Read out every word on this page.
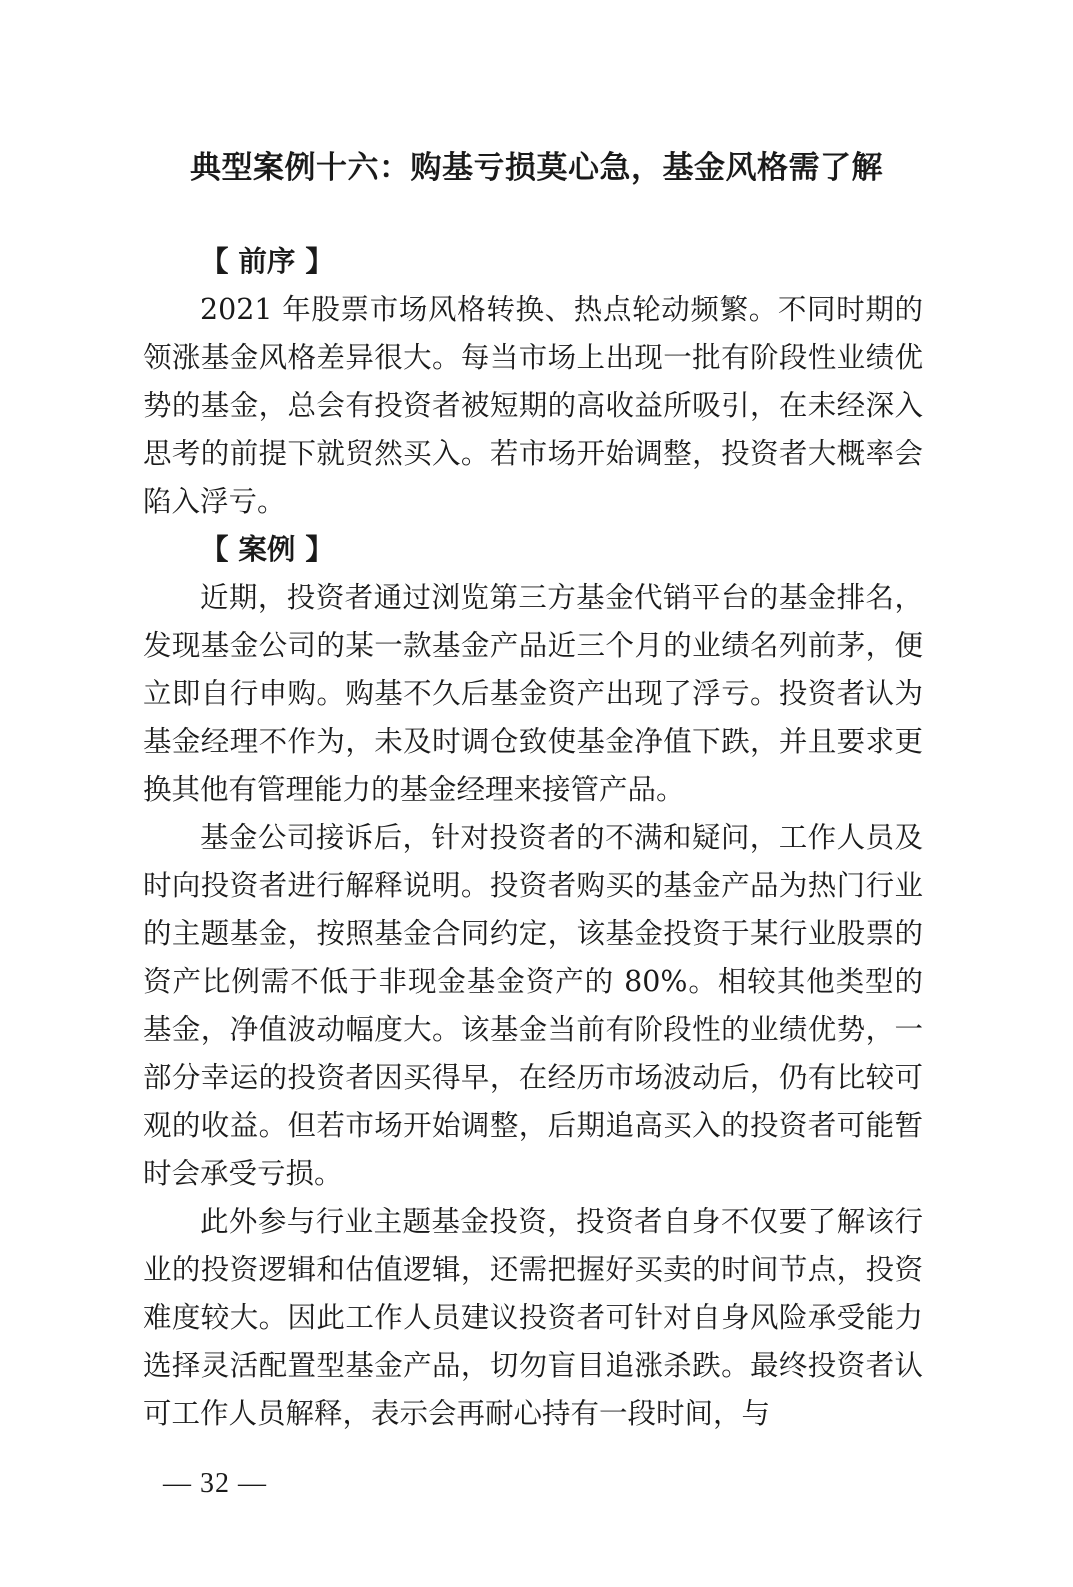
典型案例十六：购基亏损莫心急，基金风格需了解
【 前序 】

2021 年股票市场风格转换、热点轮动频繁。不同时期的领涨基金风格差异很大。每当市场上出现一批有阶段性业绩优势的基金，总会有投资者被短期的高收益所吸引，在未经深入思考的前提下就贸然买入。若市场开始调整，投资者大概率会陷入浮亏。

【 案例 】

近期，投资者通过浏览第三方基金代销平台的基金排名，发现基金公司的某一款基金产品近三个月的业绩名列前茅，便立即自行申购。购基不久后基金资产出现了浮亏。投资者认为基金经理不作为，未及时调仓致使基金净值下跌，并且要求更换其他有管理能力的基金经理来接管产品。

基金公司接诉后，针对投资者的不满和疑问，工作人员及时向投资者进行解释说明。投资者购买的基金产品为热门行业的主题基金，按照基金合同约定，该基金投资于某行业股票的资产比例需不低于非现金基金资产的 80%。相较其他类型的基金，净值波动幅度大。该基金当前有阶段性的业绩优势，一部分幸运的投资者因买得早，在经历市场波动后，仍有比较可观的收益。但若市场开始调整，后期追高买入的投资者可能暂时会承受亏损。

此外参与行业主题基金投资，投资者自身不仅要了解该行业的投资逻辑和估值逻辑，还需把握好买卖的时间节点，投资难度较大。因此工作人员建议投资者可针对自身风险承受能力选择灵活配置型基金产品，切勿盲目追涨杀跌。最终投资者认可工作人员解释，表示会再耐心持有一段时间，与

— 32 —
